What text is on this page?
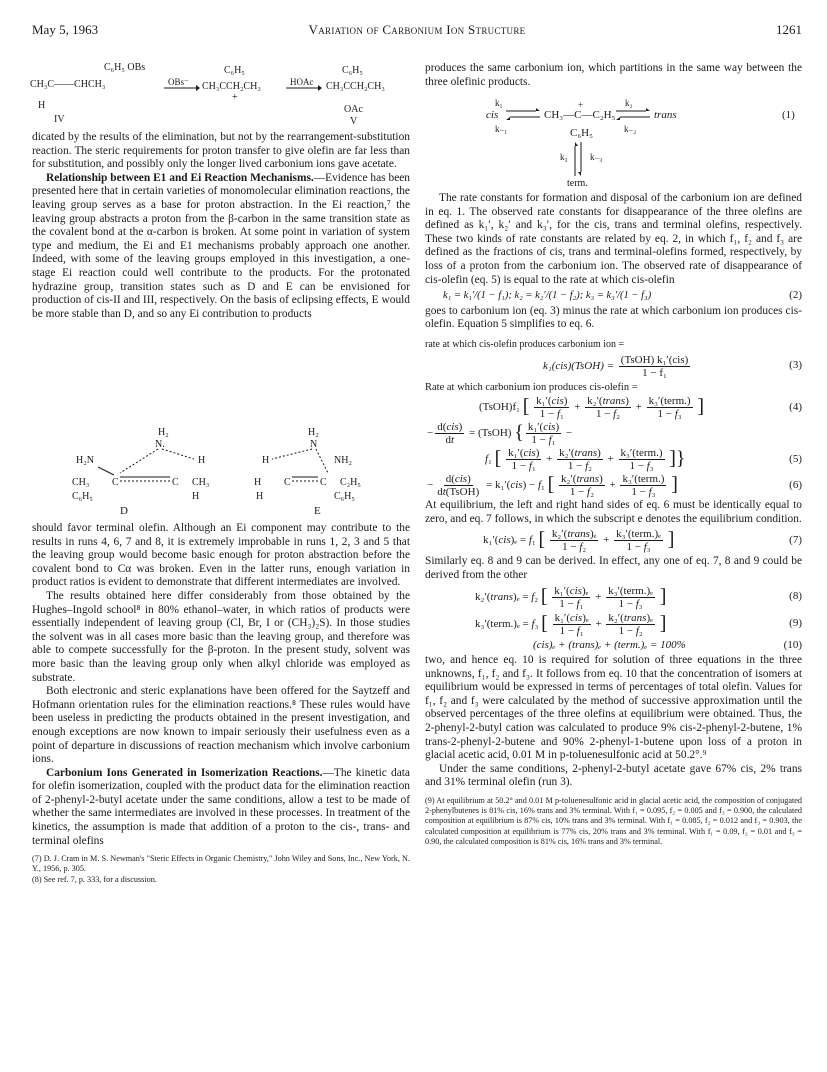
May 5, 1963	Variation of Carbonium Ion Structure	1261
C₆H₅ OBs
CH₃C——CHCH₃
H
IV
OBs⁻
C₆H₅
CH₃CCH₂CH₃
+
HOAc
C₆H₅
CH₃CCH₂CH₃
OAc
V

dicated by the results of the elimination, but not by the rearrangement-substitution reaction. The steric requirements for proton transfer to give olefin are far less than for substitution, and possibly only the longer lived carbonium ions gave acetate.

Relationship between E1 and Ei Reaction Mechanisms.—Evidence has been presented here that in certain varieties of monomolecular elimination reactions, the leaving group serves as a base for proton abstraction. In the Ei reaction,⁷ the leaving group abstracts a proton from the β-carbon in the same transition state as the covalent bond at the α-carbon is broken. At some point in variation of system type and medium, the Ei and E1 mechanisms probably approach one another. Indeed, with some of the leaving groups employed in this investigation, a one-stage Ei reaction could well contribute to the products. For the protonated hydrazine group, transition states such as D and E can be envisioned for production of cis-II and III, respectively. On the basis of eclipsing effects, E would be more stable than D, and so any Ei contribution to products

H₂
N.
H₂N	H
CH₃ C	C CH₃
C₆H₅	H
H₂
N
H	NH₂
H C	C C₂H₅
H	C₆H₅
D	E

should favor terminal olefin. Although an Ei component may contribute to the results in runs 4, 6, 7 and 8, it is extremely improbable in runs 1, 2, 3 and 5 that the leaving group would become basic enough for proton abstraction before the covalent bond to Cα was broken. Even in the latter runs, enough variation in product ratios is evident to demonstrate that different intermediates are involved.

The results obtained here differ considerably from those obtained by the Hughes–Ingold school⁸ in 80% ethanol–water, in which ratios of products were essentially independent of leaving group (Cl, Br, I or (CH₃)₂S). In those studies the solvent was in all cases more basic than the leaving group, and therefore was able to compete successfully for the β-proton. In the present study, solvent was more basic than the leaving group only when alkyl chloride was employed as substrate.

Both electronic and steric explanations have been offered for the Saytzeff and Hofmann orientation rules for the elimination reactions.⁸ These rules would have been useless in predicting the products obtained in the present investigation, and enough exceptions are now known to impair seriously their usefulness even as a point of departure in discussions of reaction mechanism which involve carbonium ions.

Carbonium Ions Generated in Isomerization Reactions.—The kinetic data for olefin isomerization, coupled with the product data for the elimination reaction of 2-phenyl-2-butyl acetate under the same conditions, allow a test to be made of whether the same intermediates are involved in these processes. In treatment of the kinetics, the assumption is made that addition of a proton to the cis-, trans- and terminal olefins

(7) D. J. Cram in M. S. Newman's "Steric Effects in Organic Chemistry," John Wiley and Sons, Inc., New York, N. Y., 1956, p. 305.

(8) See ref. 7, p. 333, for a discussion.

produces the same carbonium ion, which partitions in the same way between the three olefinic products.

k₁
cis
k₋₁
+
CH₃—C—C₂H₅
C₆H₅
k₂
k₋₂
trans	(1)
k₃ k₋₃
term.

The rate constants for formation and disposal of the carbonium ion are defined in eq. 1. The observed rate constants for disappearance of the three olefins are defined as k₁′, k₂′ and k₃′, for the cis, trans and terminal olefins, respectively. These two kinds of rate constants are related by eq. 2, in which f₁, f₂ and f₃ are defined as the fractions of cis, trans and terminal-olefins formed, respectively, by loss of a proton from the carbonium ion. The observed rate of disappearance of cis-olefin (eq. 5) is equal to the rate at which cis-olefin

k₁ = k₁′/(1 − f₁); k₂ = k₂′/(1 − f₂); k₃ = k₃′/(1 − f₃)	(2)

goes to carbonium ion (eq. 3) minus the rate at which carbonium ion produces cis-olefin. Equation 5 simplifies to eq. 6.

rate at which cis-olefin produces carbonium ion =

k₁(cis)(TsOH) = $\frac{\text{(TsOH) k₁′(cis)}}{\text{1 − f₁}}$	(3)

Rate at which carbonium ion produces cis-olefin =

(TsOH)f₁ [ $\frac{\text{k₁′(cis)}}{\text{1 − f₁}} + \frac{\text{k₂′(trans)}}{\text{1 − f₂}} + \frac{\text{k₃′(term.)}}{\text{1 − f₃}}$ ]	(4)
− $\frac{\text{d(cis)}}{dt}$ = (TsOH) { $\frac{\text{k₁′(cis)}}{\text{1 − f₁}}$ −
f₁ [ $\frac{\text{k₁′(cis)}}{\text{1 − f₁}} + \frac{\text{k₂′(trans)}}{\text{1 − f₂}} + \frac{\text{k₃′(term.)}}{\text{1 − f₃}}$ ]}	(5)
− $\frac{\text{d(cis)}}{\text{dt(TsOH)}} = k_1'(cis) - f_1$ [ $\frac{\text{k₂′(trans)}}{\text{1 − f₂}} + \frac{\text{k₃′(term.)}}{\text{1 − f₃}}$ ]	(6)

At equilibrium, the left and right hand sides of eq. 6 must be identically equal to zero, and eq. 7 follows, in which the subscript e denotes the equilibrium condition.

k₁′(cis)ₑ = f₁ [ $\frac{\text{k₂′(trans)ₑ}}{\text{1 − f₂}} + \frac{\text{k₃′(term.)ₑ}}{\text{1 − f₃}}$ ]	(7)

Similarly eq. 8 and 9 can be derived. In effect, any one of eq. 7, 8 and 9 could be derived from the other

k₂′(trans)ₑ = f₂ [ $\frac{\text{k₁′(cis)ₑ}}{\text{1 − f₁}} + \frac{\text{k₃′(term.)ₑ}}{\text{1 − f₃}}$ ]	(8)
k₃′(term.)ₑ = f₃ [ $\frac{\text{k₁′(cis)ₑ}}{\text{1 − f₁}} + \frac{\text{k₂′(trans)ₑ}}{\text{1 − f₂}}$ ]	(9)
(cis)ₑ + (trans)ₑ + (term.)ₑ = 100%	(10)

two, and hence eq. 10 is required for solution of three equations in the three unknowns, f₁, f₂ and f₃. It follows from eq. 10 that the concentration of isomers at equilibrium would be expressed in terms of percentages of total olefin. Values for f₁, f₂ and f₃ were calculated by the method of successive approximation until the observed percentages of the three olefins at equilibrium were obtained. Thus, the 2-phenyl-2-butyl cation was calculated to produce 9% cis-2-phenyl-2-butene, 1% trans-2-phenyl-2-butene and 90% 2-phenyl-1-butene upon loss of a proton in glacial acetic acid, 0.01 M in p-toluenesulfonic acid at 50.2°.⁹

Under the same conditions, 2-phenyl-2-butyl acetate gave 67% cis, 2% trans and 31% terminal olefin (run 3).

(9) At equilibrium at 50.2° and 0.01 M p-toluenesulfonic acid in glacial acetic acid, the composition of conjugated 2-phenylbutenes is 81% cis, 16% trans and 3% terminal. With f₁ = 0.095, f₂ = 0.005 and f₃ = 0.900, the calculated composition at equilibrium is 87% cis, 10% trans and 3% terminal. With f₁ = 0.085, f₂ = 0.012 and f₃ = 0.903, the calculated composition at equilibrium is 77% cis, 20% trans and 3% terminal. With f₁ = 0.09, f₂ = 0.01 and f₃ = 0.90, the calculated composition is 81% cis, 16% trans and 3% terminal.
